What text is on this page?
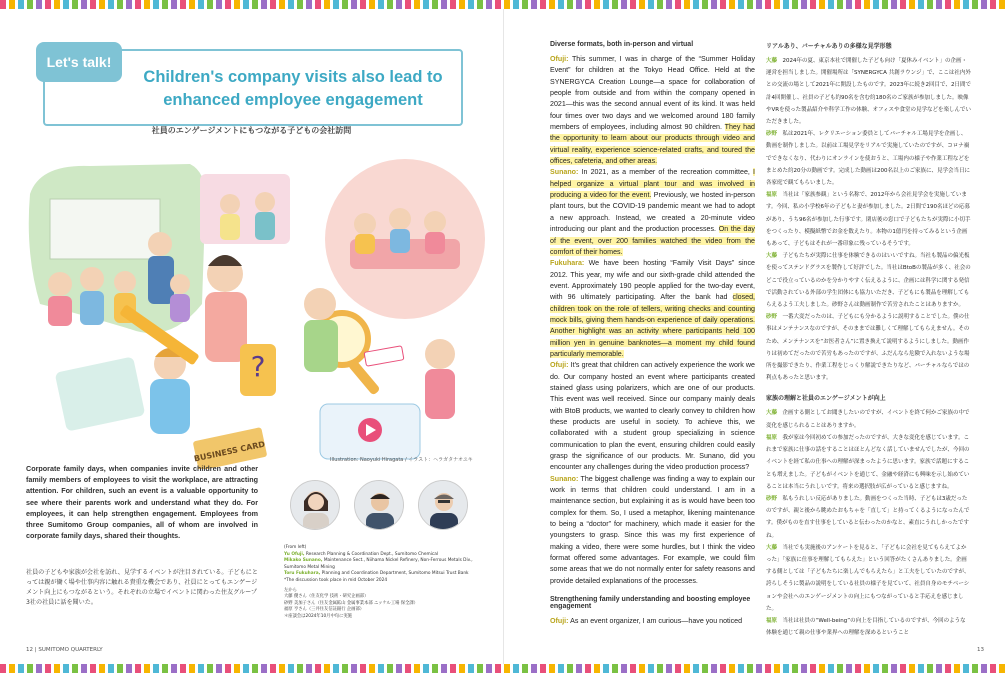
Let's talk!
Children's company visits also lead to enhanced employee engagement
社員のエンゲージメントにもつながる子どもの会社訪問
?
BUSINESS CARD	Illustration: Naoyuki Hiragata / イラスト：ヘラガタナオユキ
Corporate family days, when companies invite children and other family members of employees to visit the workplace, are attracting attention. For children, such an event is a valuable opportunity to see where their parents work and understand what they do. For employees, it can help strengthen engagement. Employees from three Sumitomo Group companies, all of whom are involved in corporate family days, shared their thoughts.
社員の子どもや家族が会社を訪れ、見学するイベントが注目されている。子どもにとっては親が働く場や仕事内容に触れる貴重な機会であり、社員にとってもエンゲージメント向上にもつながるという。それぞれの立場でイベントに関わった住友グループ3社の社員に話を聞いた。
(From left)
Yu Ofuji, Research Planning & Coordination Dept., Sumitomo Chemical
Mikako Sunano, Maintenance Sect., Niihama Nickel Refinery, Non-Ferrous Metals Div., Sumitomo Metal Mining
Toru Fukuhara, Planning and Coordination Department, Sumitomo Mitsui Trust Bank
*The discussion took place in mid October 2024
左から
大藤 優さん（住友化学 技術・研究企画部）
砂野 美加子さん（住友金属鉱山 金属事業本部 ニッケル工場 保全課）
福原 亨さん（三井住友信託銀行 企画部）
＊座談会は2024年10月中旬に実施
12 | SUMITOMO QUARTERLY
Diverse formats, both in-person and virtual

Ofuji: This summer, I was in charge of the “Summer Holiday Event” for children at the Tokyo Head Office. Held at the SYNERGYCA Creation Lounge—a space for collaboration of people from outside and from within the company opened in 2021—this was the second annual event of its kind. It was held four times over two days and we welcomed around 180 family members of employees, including almost 90 children. They had the opportunity to learn about our products through video and virtual reality, experience science-related crafts, and toured the offices, cafeteria, and other areas.

Sunano: In 2021, as a member of the recreation committee, I helped organize a virtual plant tour and was involved in producing a video for the event. Previously, we hosted in-person plant tours, but the COVID-19 pandemic meant we had to adopt a new approach. Instead, we created a 20-minute video introducing our plant and the production processes. On the day of the event, over 200 families watched the video from the comfort of their homes.

Fukuhara: We have been hosting “Family Visit Days” since 2012. This year, my wife and our sixth-grade child attended the event. Approximately 190 people applied for the two-day event, with 96 ultimately participating. After the bank had closed, children took on the role of tellers, writing checks and counting mock bills, giving them hands-on experience of daily operations. Another highlight was an activity where participants held 100 million yen in genuine banknotes—a moment my child found particularly memorable.

Ofuji: It's great that children can actively experience the work we do. Our company hosted an event where participants created stained glass using polarizers, which are one of our products. This event was well received. Since our company mainly deals with BtoB products, we wanted to clearly convey to children how these products are useful in society. To achieve this, we collaborated with a student group specializing in science communication to plan the event, ensuring children could easily grasp the significance of our products. Mr. Sunano, did you encounter any challenges during the video production process?

Sunano: The biggest challenge was finding a way to explain our work in terms that children could understand. I am in a maintenance section, but explaining it as is would have been too complex for them. So, I used a metaphor, likening maintenance to being a “doctor” for machinery, which made it easier for the youngsters to grasp. Since this was my first experience of making a video, there were some hurdles, but I think the video format offered some advantages. For example, we could film some areas that we do not normally enter for safety reasons and provide detailed explanations of the processes.

Strengthening family understanding and boosting employee engagement

Ofuji: As an event organizer, I am curious—have you noticed

リアルあり、バーチャルありの多様な見学形態

大藤　2024年の夏、東京本社で開催した子ども向け「夏休みイベント」の企画・運営を担当しました。開催場所は「SYNERGYCA 共創ラウンジ」で、ここは社内外との交流の場として2021年に開設したものです。2023年に続き2回目で、2日間で計4回開催し、社員の子ども約90名を含む約180名のご家族が参加しました。映像やVRを使った製品紹介や科学工作の体験、オフィスや食堂の見学などを楽しんでいただきました。

砂野　私は2021年、レクリエーション委員としてバーチャル工場見学を企画し、動画を制作しました。以前は工場見学をリアルで実施していたのですが、コロナ禍でできなくなり、代わりにオンラインを使おうと、工場内の様子や作業工程などをまとめた約20分の動画です。完成した動画は200名以上のご家族に、見学会当日に各家庭で観てもらいました。

福原　当社は「家族参観」という名称で、2012年から会社見学会を実施しています。今回、私の小学校6年の子どもと妻が参加しました。2日間で190名ほどの応募があり、うち96名が参加した行事です。閉店後の窓口で子どもたちが実際に小切手をつくったり、模擬紙幣でお金を数えたり。本物の1億円を持ってみるという企画もあって、子どもはそれが一番印象に残っているそうです。

大藤　子どもたちが実際に仕事を体験できるのはいいですね。当社も製品の偏光板を使ってステンドグラスを製作して好評でした。当社はBtoBの製品が多く、社会のどこで役立っているのかを分かりやすく伝えるように、企画には科学に関する発信で活動されている外部の学生団体にも協力いただき、子どもにも製品を理解してもらえるよう工夫しました。砂野さんは動画制作で苦労されたことはありますか。

砂野　一番大変だったのは、子どもにも分かるように説明することでした。僕の仕事はメンテナンスなのですが、そのままでは難しくて理解してもらえません。そのため、メンテナンスを“お医者さん”に置き換えて説明するようにしました。動画作りは初めてだったので苦労もあったのですが、ふだんなら危険で入れないような場所を撮影できたり、作業工程をじっくり解説できたりなど、バーチャルならではの利点もあったと思います。

家族の理解と社員のエンゲージメントが向上

大藤　企画する側としてお聞きしたいのですが、イベントを終て何かご家族の中で変化を感じられることはありますか。

福原　我が家は今回初めての参加だったのですが、大きな変化を感じています。これまで家族に仕事の話をすることはほとんどなく話していませんでしたが、今回のイベントを経て私の仕事への理解が深まったように思います。家族で話題にすることも増えました。子どもがイベントを通じて、金融や経済にも興味を示し始めていることは本当にうれしいです。将来の選択肢が広がっていると感じますね。

砂野　私もうれしい反応がありました。動画をつくった当時、子どもは3歳だったのですが、親と後から眺めたおもちゃを「直して」と持ってくるようになったんです。僕がものを直す仕事をしていると伝わったのかなと、素直にうれしかったですね。

大藤　当社でも実施後のアンケートを見ると、「子どもに会社を見てもらえてよかった」「家族に仕事を理解してもらえた」という回答がたくさんありました。企画する側としては「子どもたちに楽しんでもらえたら」と工夫をしていたのですが、誇らしそうに製品の説明をしている社員の様子を見ていて、社員自身のモチベーションや会社へのエンゲージメントの向上にもつながっていると手応えを感じました。

福原　当社は社員の“Well-being”の向上を目指しているのですが、今回のような体験を通じて親の仕事や業界への理解を深めるということ

13
